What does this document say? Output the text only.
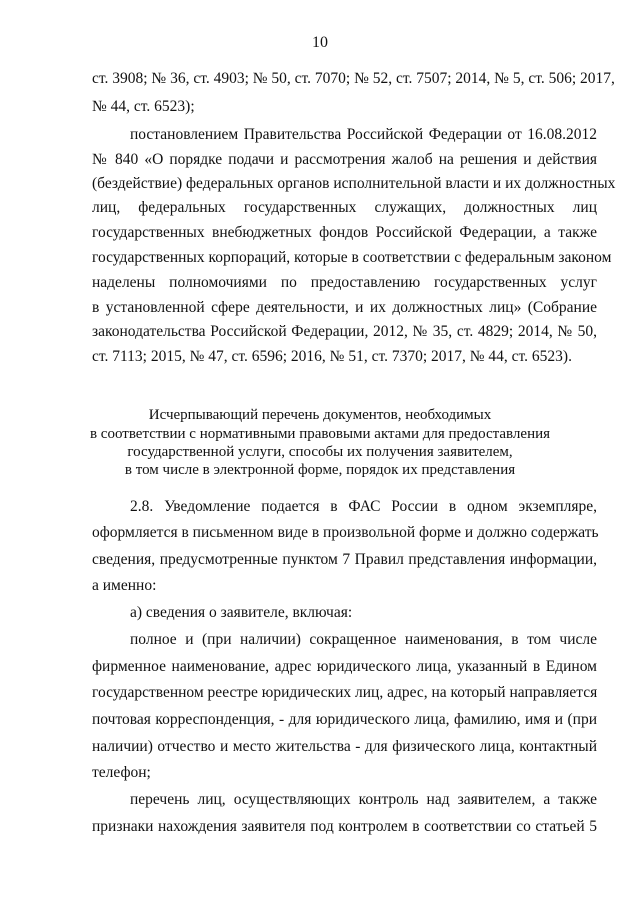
10
ст. 3908; № 36, ст. 4903; № 50, ст. 7070; № 52, ст. 7507; 2014, № 5, ст. 506; 2017,
№ 44, ст. 6523);
постановлением Правительства Российской Федерации от 16.08.2012
№ 840 «О порядке подачи и рассмотрения жалоб на решения и действия
(бездействие) федеральных органов исполнительной власти и их должностных
лиц, федеральных государственных служащих, должностных лиц
государственных внебюджетных фондов Российской Федерации, а также
государственных корпораций, которые в соответствии с федеральным законом
наделены полномочиями по предоставлению государственных услуг
в установленной сфере деятельности, и их должностных лиц» (Собрание
законодательства Российской Федерации, 2012, № 35, ст. 4829; 2014, № 50,
ст. 7113; 2015, № 47, ст. 6596; 2016, № 51, ст. 7370; 2017, № 44, ст. 6523).
Исчерпывающий перечень документов, необходимых
в соответствии с нормативными правовыми актами для предоставления
государственной услуги, способы их получения заявителем,
в том числе в электронной форме, порядок их представления
2.8. Уведомление подается в ФАС России в одном экземпляре,
оформляется в письменном виде в произвольной форме и должно содержать
сведения, предусмотренные пунктом 7 Правил представления информации,
а именно:
а) сведения о заявителе, включая:
полное и (при наличии) сокращенное наименования, в том числе
фирменное наименование, адрес юридического лица, указанный в Едином
государственном реестре юридических лиц, адрес, на который направляется
почтовая корреспонденция, - для юридического лица, фамилию, имя и (при
наличии) отчество и место жительства - для физического лица, контактный
телефон;
перечень лиц, осуществляющих контроль над заявителем, а также
признаки нахождения заявителя под контролем в соответствии со статьей 5
